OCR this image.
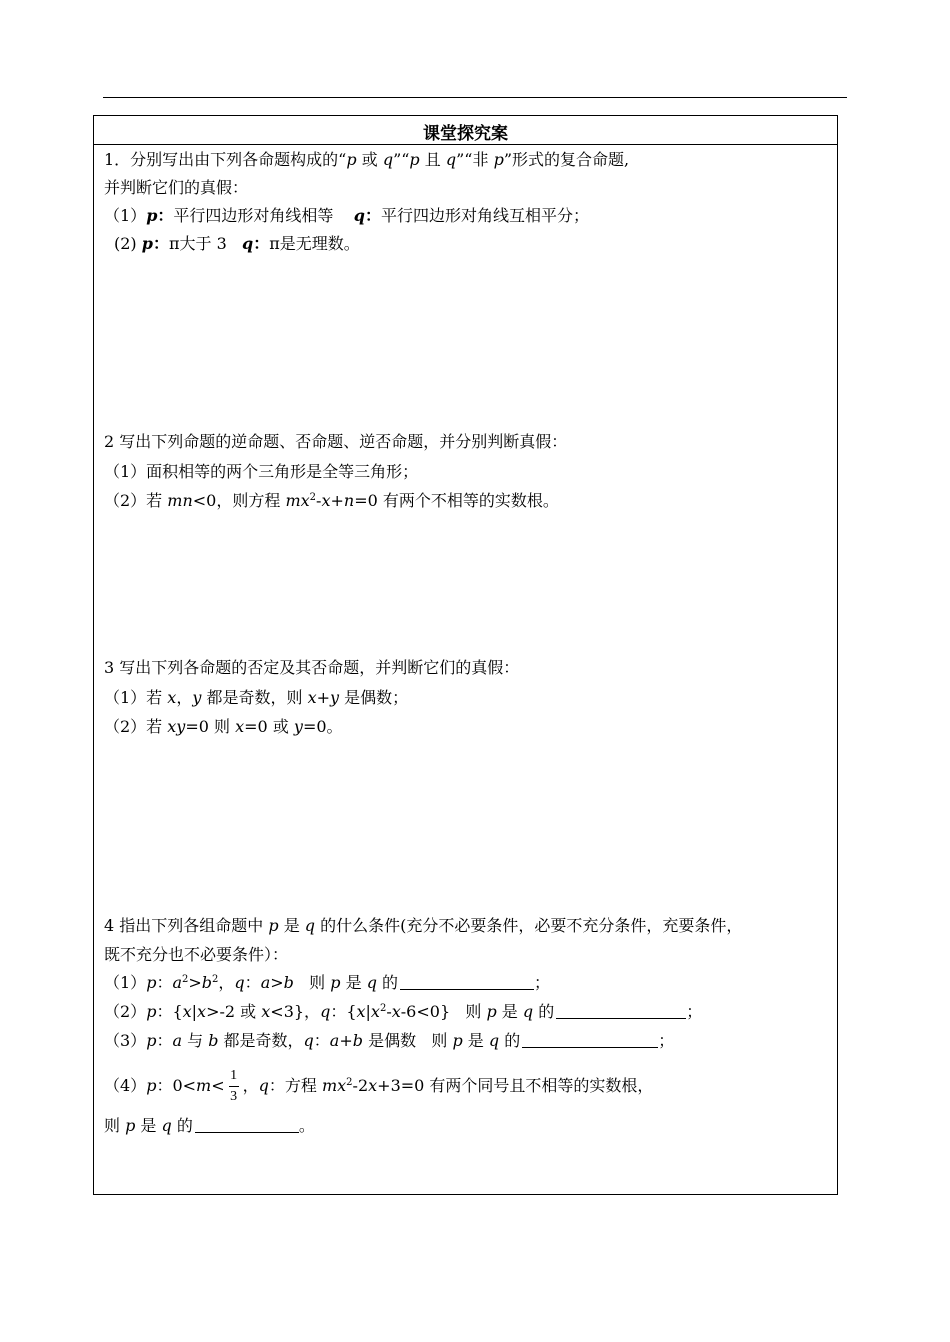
课堂探究案
1．分别写出由下列各命题构成的“p 或 q”“p 且 q”“非 p”形式的复合命题,
并判断它们的真假：
（1）p：平行四边形对角线相等 q：平行四边形对角线互相平分；
(2) p：π大于 3 q：π是无理数。
2 写出下列命题的逆命题、否命题、逆否命题，并分别判断真假：
（1）面积相等的两个三角形是全等三角形；
（2）若 mn<0，则方程 $mx^2-x+n=0$ 有两个不相等的实数根。
3 写出下列各命题的否定及其否命题，并判断它们的真假：
（1）若 x，y 都是奇数，则 x+y 是偶数；
（2）若 xy=0 则 x=0 或 y=0。
4 指出下列各组命题中 p 是 q 的什么条件(充分不必要条件，必要不充分条件，充要条件，
既不充分也不必要条件）：
（1）p：$a^2>b^2$，q：a>b   则 p 是 q 的	；
（2）p：{x|x>-2 或 x<3}，q：$\{x|x^2-x-6<0\}$   则 p 是 q 的	；
（3）p：a 与 b 都是奇数，q：a+b 是偶数   则 p 是 q 的	；
（4）p：$0<m< \frac{1}{3}$ ，q：方程 $mx^2-2x+3=0$ 有两个同号且不相等的实数根，
则 p 是 q 的	。
